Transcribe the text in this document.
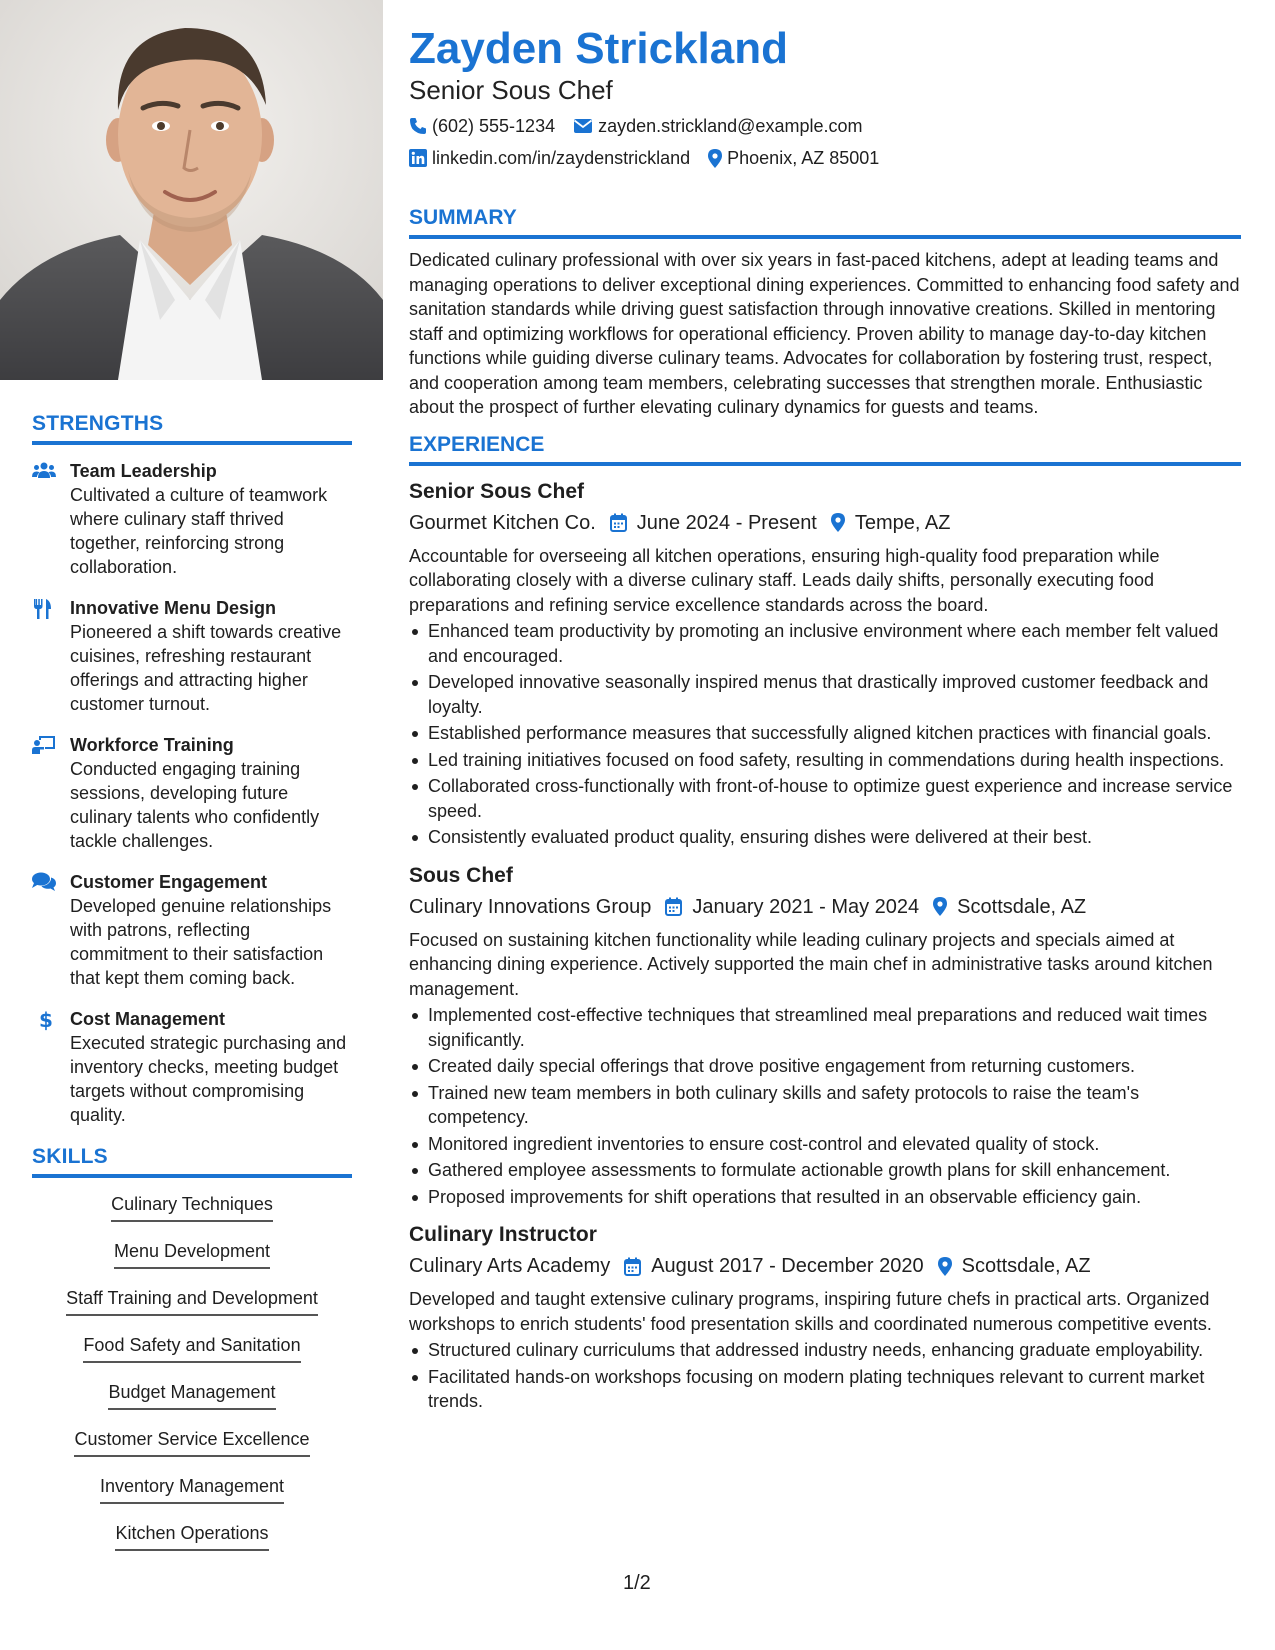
STRENGTHS
Team Leadership
Cultivated a culture of teamwork where culinary staff thrived together, reinforcing strong collaboration.
Innovative Menu Design
Pioneered a shift towards creative cuisines, refreshing restaurant offerings and attracting higher customer turnout.
Workforce Training
Conducted engaging training sessions, developing future culinary talents who confidently tackle challenges.
Customer Engagement
Developed genuine relationships with patrons, reflecting commitment to their satisfaction that kept them coming back.
$ Cost Management
Executed strategic purchasing and inventory checks, meeting budget targets without compromising quality.
SKILLS
Culinary Techniques
Menu Development
Staff Training and Development
Food Safety and Sanitation
Budget Management
Customer Service Excellence
Inventory Management
Kitchen Operations
Zayden Strickland
Senior Sous Chef
(602) 555-1234 zayden.strickland@example.com
linkedin.com/in/zaydenstrickland Phoenix, AZ 85001
SUMMARY
Dedicated culinary professional with over six years in fast-paced kitchens, adept at leading teams and managing operations to deliver exceptional dining experiences. Committed to enhancing food safety and sanitation standards while driving guest satisfaction through innovative creations. Skilled in mentoring staff and optimizing workflows for operational efficiency. Proven ability to manage day-to-day kitchen functions while guiding diverse culinary teams. Advocates for collaboration by fostering trust, respect, and cooperation among team members, celebrating successes that strengthen morale. Enthusiastic about the prospect of further elevating culinary dynamics for guests and teams.
EXPERIENCE
Senior Sous Chef
Gourmet Kitchen Co. June 2024 - Present Tempe, AZ
Accountable for overseeing all kitchen operations, ensuring high-quality food preparation while collaborating closely with a diverse culinary staff. Leads daily shifts, personally executing food preparations and refining service excellence standards across the board.
Enhanced team productivity by promoting an inclusive environment where each member felt valued and encouraged.
Developed innovative seasonally inspired menus that drastically improved customer feedback and loyalty.
Established performance measures that successfully aligned kitchen practices with financial goals.
Led training initiatives focused on food safety, resulting in commendations during health inspections.
Collaborated cross-functionally with front-of-house to optimize guest experience and increase service speed.
Consistently evaluated product quality, ensuring dishes were delivered at their best.
Sous Chef
Culinary Innovations Group January 2021 - May 2024 Scottsdale, AZ
Focused on sustaining kitchen functionality while leading culinary projects and specials aimed at enhancing dining experience. Actively supported the main chef in administrative tasks around kitchen management.
Implemented cost-effective techniques that streamlined meal preparations and reduced wait times significantly.
Created daily special offerings that drove positive engagement from returning customers.
Trained new team members in both culinary skills and safety protocols to raise the team's competency.
Monitored ingredient inventories to ensure cost-control and elevated quality of stock.
Gathered employee assessments to formulate actionable growth plans for skill enhancement.
Proposed improvements for shift operations that resulted in an observable efficiency gain.
Culinary Instructor
Culinary Arts Academy August 2017 - December 2020 Scottsdale, AZ
Developed and taught extensive culinary programs, inspiring future chefs in practical arts. Organized workshops to enrich students' food presentation skills and coordinated numerous competitive events.
Structured culinary curriculums that addressed industry needs, enhancing graduate employability.
Facilitated hands-on workshops focusing on modern plating techniques relevant to current market trends.
1/2
